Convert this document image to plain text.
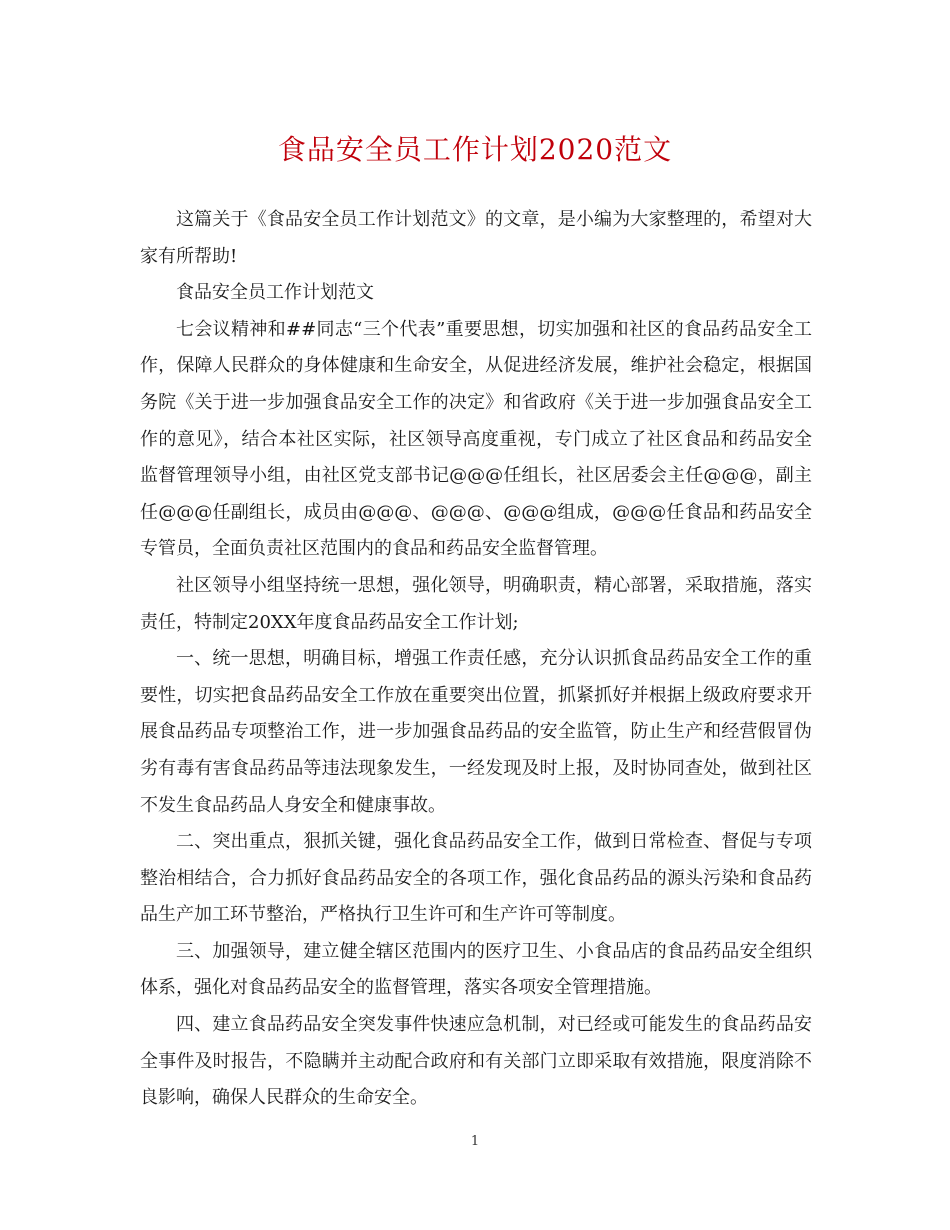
食品安全员工作计划2020范文

这篇关于《食品安全员工作计划范文》的文章，是小编为大家整理的，希望对大家有所帮助!

食品安全员工作计划范文

七会议精神和##同志“三个代表”重要思想，切实加强和社区的食品药品安全工作，保障人民群众的身体健康和生命安全，从促进经济发展，维护社会稳定，根据国务院《关于进一步加强食品安全工作的决定》和省政府《关于进一步加强食品安全工作的意见》，结合本社区实际，社区领导高度重视，专门成立了社区食品和药品安全监督管理领导小组，由社区党支部书记@@@任组长，社区居委会主任@@@，副主任@@@任副组长，成员由@@@、@@@、@@@组成，@@@任食品和药品安全专管员，全面负责社区范围内的食品和药品安全监督管理。

社区领导小组坚持统一思想，强化领导，明确职责，精心部署，采取措施，落实责任，特制定20XX年度食品药品安全工作计划;

一、统一思想，明确目标，增强工作责任感，充分认识抓食品药品安全工作的重要性，切实把食品药品安全工作放在重要突出位置，抓紧抓好并根据上级政府要求开展食品药品专项整治工作，进一步加强食品药品的安全监管，防止生产和经营假冒伪劣有毒有害食品药品等违法现象发生，一经发现及时上报，及时协同查处，做到社区不发生食品药品人身安全和健康事故。

二、突出重点，狠抓关键，强化食品药品安全工作，做到日常检查、督促与专项整治相结合，合力抓好食品药品安全的各项工作，强化食品药品的源头污染和食品药品生产加工环节整治，严格执行卫生许可和生产许可等制度。

三、加强领导，建立健全辖区范围内的医疗卫生、小食品店的食品药品安全组织体系，强化对食品药品安全的监督管理，落实各项安全管理措施。

四、建立食品药品安全突发事件快速应急机制，对已经或可能发生的食品药品安全事件及时报告，不隐瞒并主动配合政府和有关部门立即采取有效措施，限度消除不良影响，确保人民群众的生命安全。

1
